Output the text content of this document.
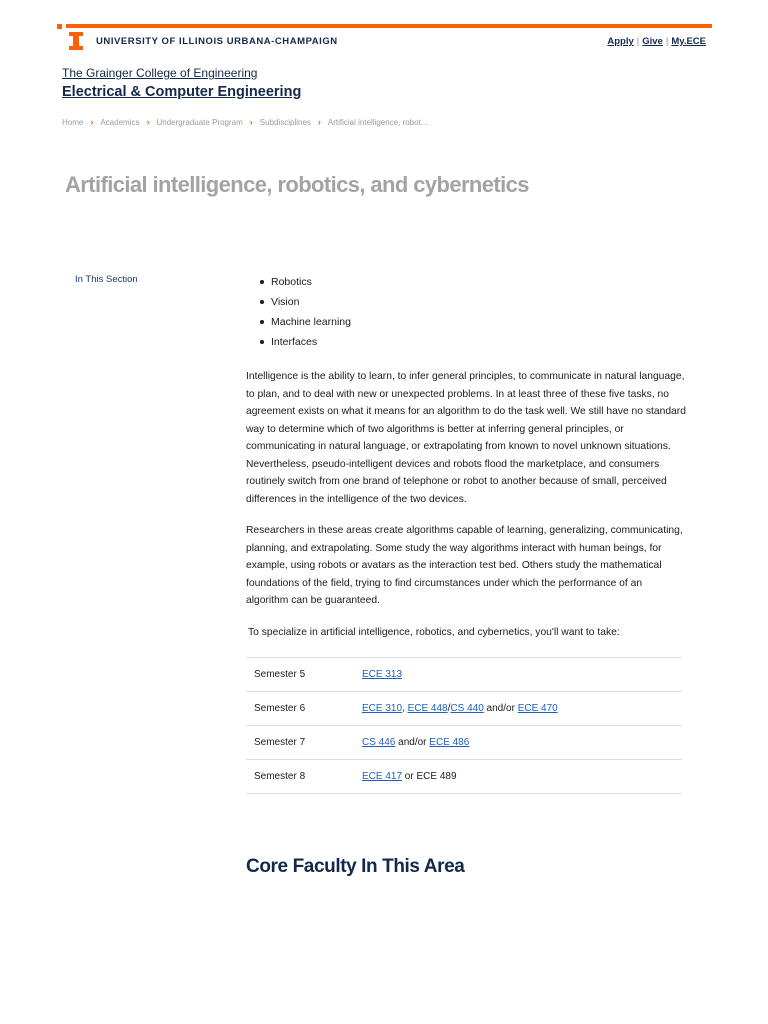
UNIVERSITY OF ILLINOIS URBANA-CHAMPAIGN	Apply | Give | My.ECE
The Grainger College of Engineering
Electrical & Computer Engineering
Home › Academics › Undergraduate Program › Subdisciplines › Artificial intelligence, robot...
Artificial intelligence, robotics, and cybernetics
In This Section	Robotics
Vision
Machine learning
Interfaces

Intelligence is the ability to learn, to infer general principles, to communicate in natural language, to plan, and to deal with new or unexpected problems. In at least three of these five tasks, no agreement exists on what it means for an algorithm to do the task well. We still have no standard way to determine which of two algorithms is better at inferring general principles, or communicating in natural language, or extrapolating from known to novel unknown situations. Nevertheless, pseudo-intelligent devices and robots flood the marketplace, and consumers routinely switch from one brand of telephone or robot to another because of small, perceived differences in the intelligence of the two devices.

Researchers in these areas create algorithms capable of learning, generalizing, communicating, planning, and extrapolating. Some study the way algorithms interact with human beings, for example, using robots or avatars as the interaction test bed. Others study the mathematical foundations of the field, trying to find circumstances under which the performance of an algorithm can be guaranteed.

To specialize in artificial intelligence, robotics, and cybernetics, you'll want to take:

Semester 5	ECE 313
Semester 6	ECE 310, ECE 448/CS 440 and/or ECE 470
Semester 7	CS 446 and/or ECE 486
Semester 8	ECE 417 or ECE 489
Core Faculty In This Area
